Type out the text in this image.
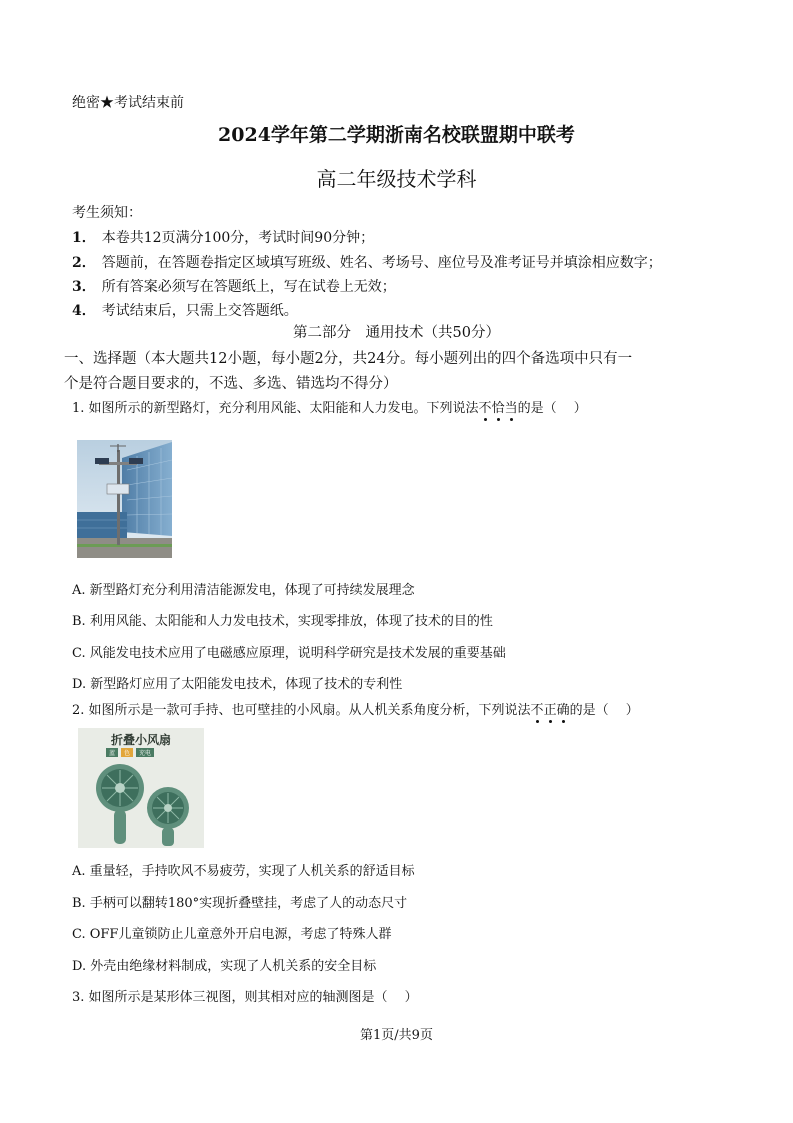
绝密★考试结束前
2024学年第二学期浙南名校联盟期中联考
高二年级技术学科
考生须知：
1． 本卷共12页满分100分，考试时间90分钟；
2． 答题前，在答题卷指定区域填写班级、姓名、考场号、座位号及准考证号并填涂相应数字；
3． 所有答案必须写在答题纸上，写在试卷上无效；
4． 考试结束后，只需上交答题纸。
第二部分　通用技术（共50分）
一、选择题（本大题共12小题，每小题2分，共24分。每小题列出的四个备选项中只有一
个是符合题目要求的，不选、多选、错选均不得分）
1. 如图所示的新型路灯，充分利用风能、太阳能和人力发电。下列说法不恰当的是（　 ）
A. 新型路灯充分利用清洁能源发电，体现了可持续发展理念
B. 利用风能、太阳能和人力发电技术，实现零排放，体现了技术的目的性
C. 风能发电技术应用了电磁感应原理，说明科学研究是技术发展的重要基础
D. 新型路灯应用了太阳能发电技术，体现了技术的专利性
2. 如图所示是一款可手持、也可壁挂的小风扇。从人机关系角度分析，下列说法不正确的是（　 ）
折叠小风扇
蓝	色	充电
A. 重量轻，手持吹风不易疲劳，实现了人机关系的舒适目标
B. 手柄可以翻转180°实现折叠壁挂，考虑了人的动态尺寸
C. OFF儿童锁防止儿童意外开启电源，考虑了特殊人群
D. 外壳由绝缘材料制成，实现了人机关系的安全目标
3. 如图所示是某形体三视图，则其相对应的轴测图是（　 ）
第1页/共9页
